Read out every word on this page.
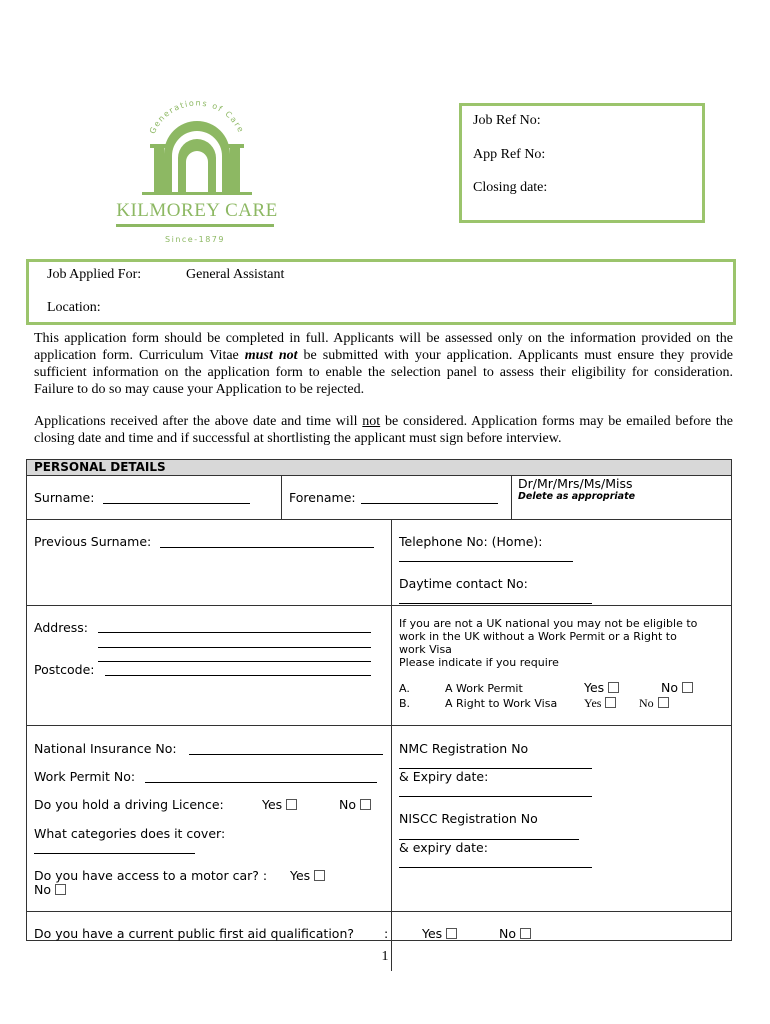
Generations of Care
KILMOREY CARE
Since-1879
Job Ref No:
App Ref No:
Closing date:
Job Applied For:	General Assistant
Location:
This application form should be completed in full. Applicants will be assessed only on the information provided on the application form. Curriculum Vitae must not be submitted with your application. Applicants must ensure they provide sufficient information on the application form to enable the selection panel to assess their eligibility for consideration. Failure to do so may cause your Application to be rejected.
Applications received after the above date and time will not be considered. Application forms may be emailed before the closing date and time and if successful at shortlisting the applicant must sign before interview.
PERSONAL DETAILS
Surname:	Forename:
Dr/Mr/Mrs/Ms/Miss
Delete as appropriate
Previous Surname:	Telephone No: (Home):
Daytime contact No:
Address:
Postcode:
If you are not a UK national you may not be eligible to
work in the UK without a Work Permit or a Right to
work Visa
Please indicate if you require
A.	A Work Permit	Yes	No
B.	A Right to Work Visa Yes	No
National Insurance No:
Work Permit No:
Do you hold a driving Licence:	Yes	No
What categories does it cover:
Do you have access to a motor car? : Yes
No
NMC Registration No
& Expiry date:
NISCC Registration No
& expiry date:
Do you have a current public first aid qualification? :	Yes	No
1
